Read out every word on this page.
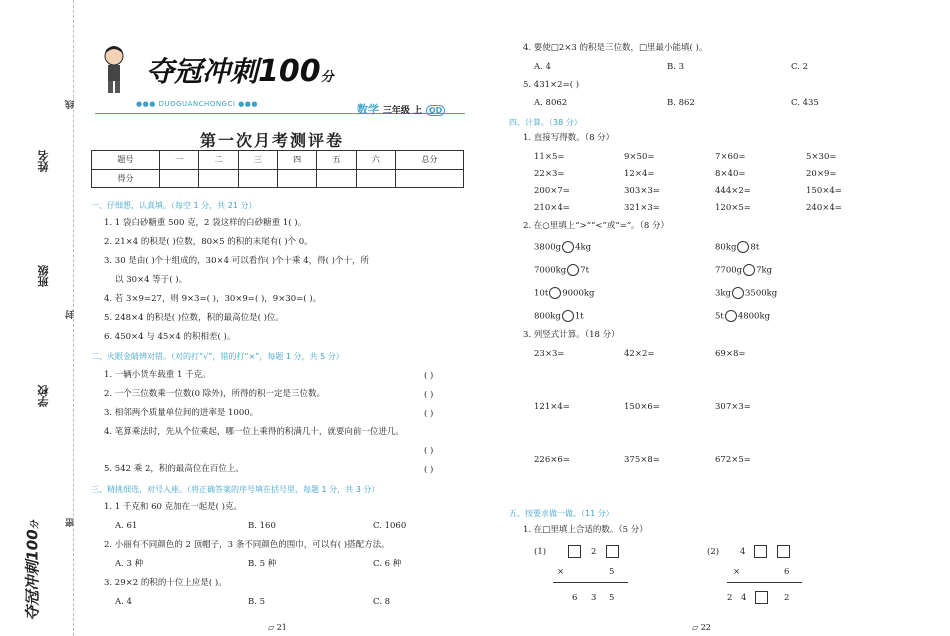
线
姓名
班级
封
学校
密
夺冠冲刺100分
夺冠冲刺100分
●●● DUOGUANCHONGCI ●●●	数学 三年级 上 QD
第一次月考测评卷
题号	一	二	三	四	五	六	总分
得分							
一、仔细想，认真填。（每空 1 分，共 21 分）
1. 1 袋白砂糖重 500 克，2 袋这样的白砂糖重 1( )。
2. 21×4 的积是( )位数，80×5 的积的末尾有( )个 0。
3. 30 是由( )个十组成的，30×4 可以看作( )个十乘 4，得( )个十，所
以 30×4 等于( )。
4. 若 3×9=27，则 9×3=( )，30×9=( )，9×30=( )。
5. 248×4 的积是( )位数，积的最高位是( )位。
6. 450×4 与 45×4 的积相差( )。
二、火眼金睛辨对错。（对的打“√”，错的打“×”，每题 1 分，共 5 分）
1. 一辆小货车载重 1 千克。	( )
2. 一个三位数乘一位数(0 除外)，所得的积一定是三位数。	( )
3. 相邻两个质量单位间的进率是 1000。	( )
4. 笔算乘法时，先从个位乘起，哪一位上乘得的积满几十，就要向前一位进几。
( )
5. 542 乘 2，积的最高位在百位上。	( )
三、精挑细选，对号入座。（将正确答案的序号填在括号里，每题 1 分，共 3 分）
1. 1 千克和 60 克加在一起是( )克。
A. 61	B. 160	C. 1060
2. 小丽有不同颜色的 2 顶帽子，3 条不同颜色的围巾，可以有( )搭配方法。
A. 3 种	B. 5 种	C. 6 种
3. 29×2 的积的十位上应是( )。
A. 4	B. 5	C. 8
▱ 21
4. 要使□2×3 的积是三位数，□里最小能填( )。
A. 4	B. 3	C. 2
5. 431×2=( )
A. 8062	B. 862	C. 435
四、计算。（38 分）
1. 直接写得数。（8 分）
11×5=	9×50=	7×60=	5×30=
22×3=	12×4=	8×40=	20×9=
200×7=	303×3=	444×2=	150×4=
210×4=	321×3=	120×5=	240×4=
2. 在○里填上“>”“<”或“=”。（8 分）
3800g 4kg	80kg 8t
7000kg 7t	7700g 7kg
10t 9000kg	3kg 3500kg
800kg 1t	5t 4800kg
3. 列竖式计算。（18 分）
23×3=	42×2=	69×8=
121×4=	150×6=	307×3=
226×6=	375×8=	672×5=
五、按要求做一做。（11 分）
1. 在□里填上合适的数。（5 分）
(1)	2
×	5
6 3 5
(2) 4
×	6
2 4	2
▱ 22
